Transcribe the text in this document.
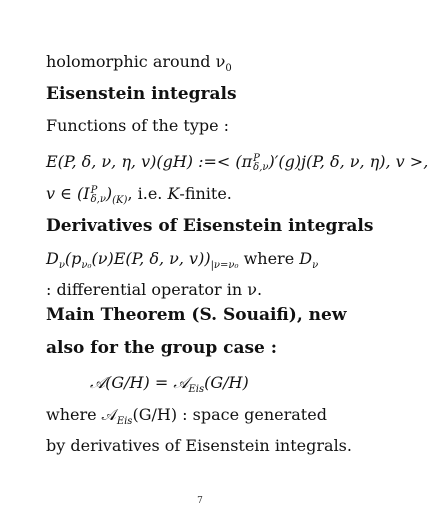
holomorphic around $\nu_0$
Eisenstein integrals
Functions of the type :
E(P, δ, ν, η, v)(gH) :=< (π P
δ,ν )′(g)j(P, δ, ν, η), v >,
v ∈ (I P
δ,ν )$_{(K)}$, i.e. K-finite.
Derivatives of Eisenstein integrals
$D_\nu(p_{\nu_0}(\nu)E(P$, δ, ν, $v))_{|\nu=\nu_0}$ where $D_\nu$
: differential operator in ν.
Main Theorem (S. Souaifi), new
also for the group case :
𝒜(G/H) = 𝒜$_{Eis}$(G/H)
where 𝒜$_{Eis}$(G/H) : space generated
by derivatives of Eisenstein integrals.
7
